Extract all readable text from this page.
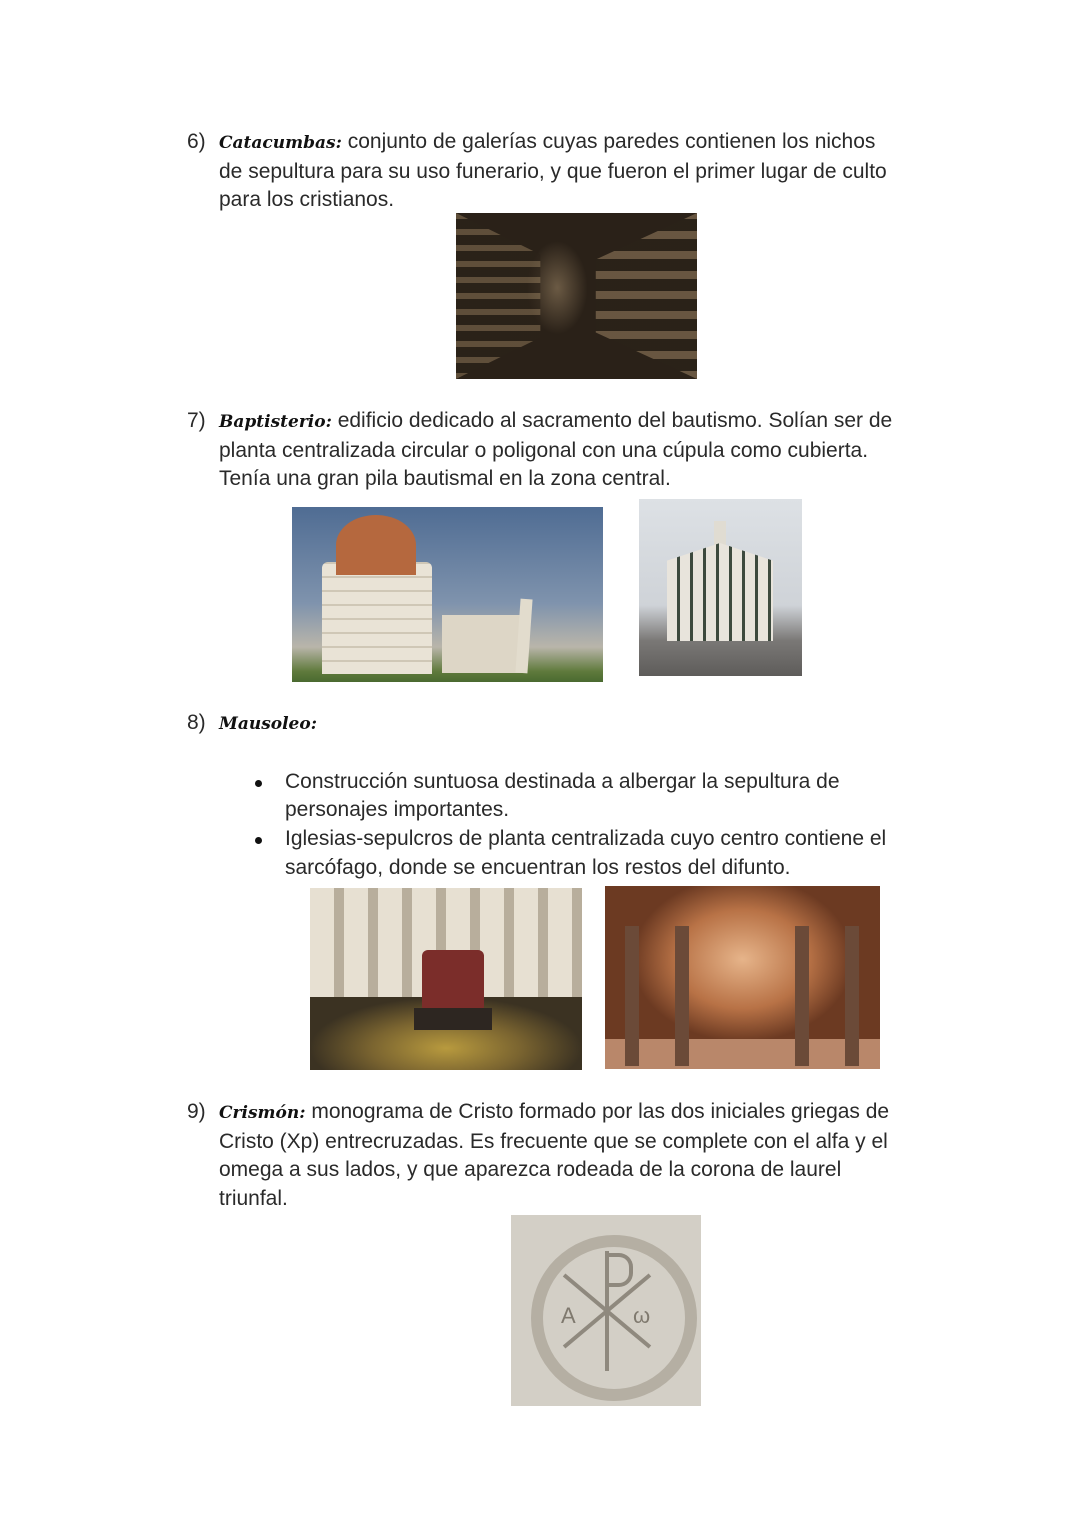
6) Catacumbas: conjunto de galerías cuyas paredes contienen los nichos
de sepultura para su uso funerario, y que fueron el primer lugar de culto
para los cristianos.
7) Baptisterio: edificio dedicado al sacramento del bautismo. Solían ser de
planta centralizada circular o poligonal con una cúpula como cubierta.
Tenía una gran pila bautismal en la zona central.
8) Mausoleo:
Construcción suntuosa destinada a albergar la sepultura de
personajes importantes.
Iglesias-sepulcros de planta centralizada cuyo centro contiene el
sarcófago, donde se encuentran los restos del difunto.
9) Crismón: monograma de Cristo formado por las dos iniciales griegas de
Cristo (Xp) entrecruzadas. Es frecuente que se complete con el alfa y el
omega a sus lados, y que aparezca rodeada de la corona de laurel
triunfal.
Α	ω
